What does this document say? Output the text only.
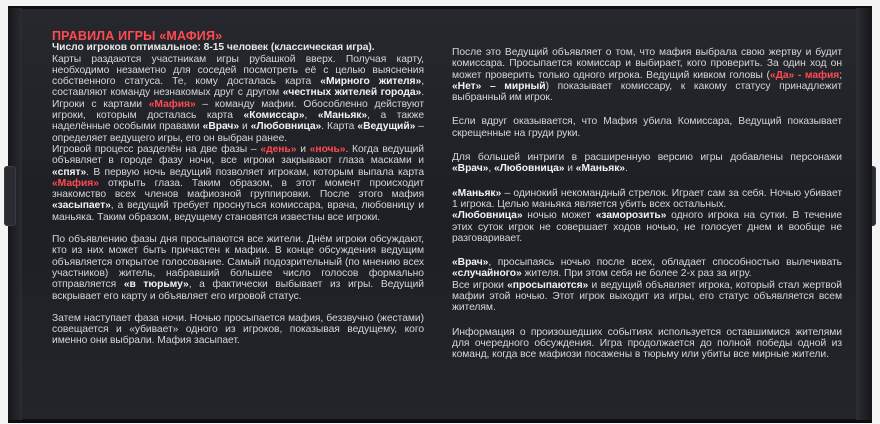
ПРАВИЛА ИГРЫ «МАФИЯ»
Число игроков оптимальное: 8-15 человек (классическая игра).

Карты раздаются участникам игры рубашкой вверх. Получая карту, необходимо незаметно для соседей посмотреть её с целью выяснения собственного статуса. Те, кому досталась карта «Мирного жителя», составляют команду незнакомых друг с другом «честных жителей города». Игроки с картами «Мафия» – команду мафии. Обособленно действуют игроки, которым досталась карта «Комиссар», «Маньяк», а также наделённые особыми правами «Врач» и «Любовница». Карта «Ведущий» – определяет ведущего игры, его он выбран ранее.

Игровой процесс разделён на две фазы – «день» и «ночь». Когда ведущий объявляет в городе фазу ночи, все игроки закрывают глаза масками и «спят». В первую ночь ведущий позволяет игрокам, которым выпала карта «Мафия» открыть глаза. Таким образом, в этот момент происходит знакомство всех членов мафиозной группировки. После этого мафия «засыпает», а ведущий требует проснуться комиссара, врача, любовницу и маньяка. Таким образом, ведущему становятся известны все игроки.

По объявлению фазы дня просыпаются все жители. Днём игроки обсуждают, кто из них может быть причастен к мафии. В конце обсуждения ведущим объявляется открытое голосование. Самый подозрительный (по мнению всех участников) житель, набравший большее число голосов формально отправляется «в тюрьму», а фактически выбывает из игры. Ведущий вскрывает его карту и объявляет его игровой статус.

Затем наступает фаза ночи. Ночью просыпается мафия, беззвучно (жестами) совещается и «убивает» одного из игроков, показывая ведущему, кого именно они выбрали. Мафия засыпает.

После это Ведущий объявляет о том, что мафия выбрала свою жертву и будит комиссара. Просыпается комиссар и выбирает, кого проверить. За один ход он может проверить только одного игрока. Ведущий кивком головы («Да» - мафия; «Нет» – мирный) показывает комиссару, к какому статусу принадлежит выбранный им игрок.

Если вдруг оказывается, что Мафия убила Комиссара, Ведущий показывает скрещенные на груди руки.

Для большей интриги в расширенную версию игры добавлены персонажи «Врач», «Любовница» и «Маньяк».

«Маньяк» – одинокий некомандный стрелок. Играет сам за себя. Ночью убивает 1 игрока. Целью маньяка является убить всех остальных.

«Любовница» ночью может «заморозить» одного игрока на сутки. В течение этих суток игрок не совершает ходов ночью, не голосует днем и вообще не разговаривает.

«Врач», просыпаясь ночью после всех, обладает способностью вылечивать «случайного» жителя. При этом себя не более 2-х раз за игру.

Все игроки «просыпаются» и ведущий объявляет игрока, который стал жертвой мафии этой ночью. Этот игрок выходит из игры, его статус объявляется всем жителям.

Информация о произошедших событиях используется оставшимися жителями для очередного обсуждения. Игра продолжается до полной победы одной из команд, когда все мафиози посажены в тюрьму или убиты все мирные жители.
